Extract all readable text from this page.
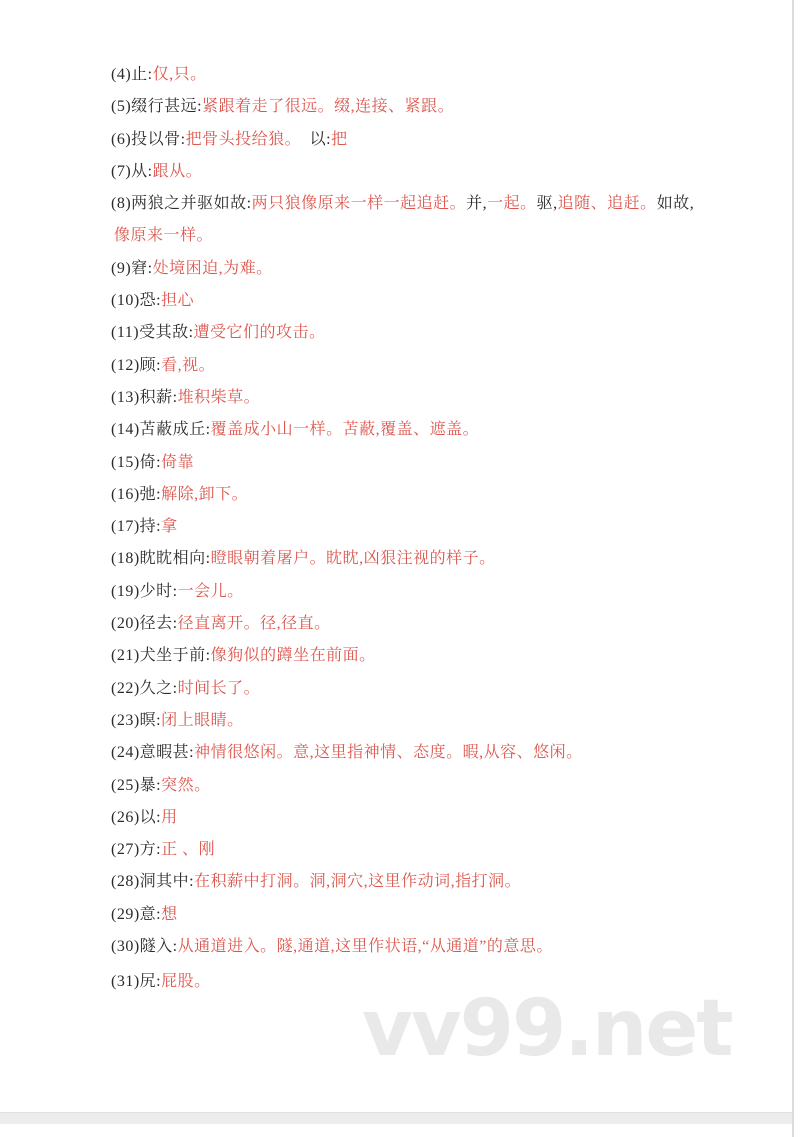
(4)止:仅,只。
(5)缀行甚远:紧跟着走了很远。缀,连接、紧跟。
(6)投以骨:把骨头投给狼。　以:把
(7)从:跟从。
(8)两狼之并驱如故:两只狼像原来一样一起追赶。并,一起。驱,追随、追赶。如故,
像原来一样。
(9)窘:处境困迫,为难。
(10)恐:担心
(11)受其敌:遭受它们的攻击。
(12)顾:看,视。
(13)积薪:堆积柴草。
(14)苫蔽成丘:覆盖成小山一样。苫蔽,覆盖、遮盖。
(15)倚:倚靠
(16)弛:解除,卸下。
(17)持:拿
(18)眈眈相向:瞪眼朝着屠户。眈眈,凶狠注视的样子。
(19)少时:一会儿。
(20)径去:径直离开。径,径直。
(21)犬坐于前:像狗似的蹲坐在前面。
(22)久之:时间长了。
(23)暝:闭上眼睛。
(24)意暇甚:神情很悠闲。意,这里指神情、态度。暇,从容、悠闲。
(25)暴:突然。
(26)以:用
(27)方:正 、刚
(28)洞其中:在积薪中打洞。洞,洞穴,这里作动词,指打洞。
(29)意:想
(30)隧入:从通道进入。隧,通道,这里作状语,“从通道”的意思。
(31)尻:屁股。
vv99.net
